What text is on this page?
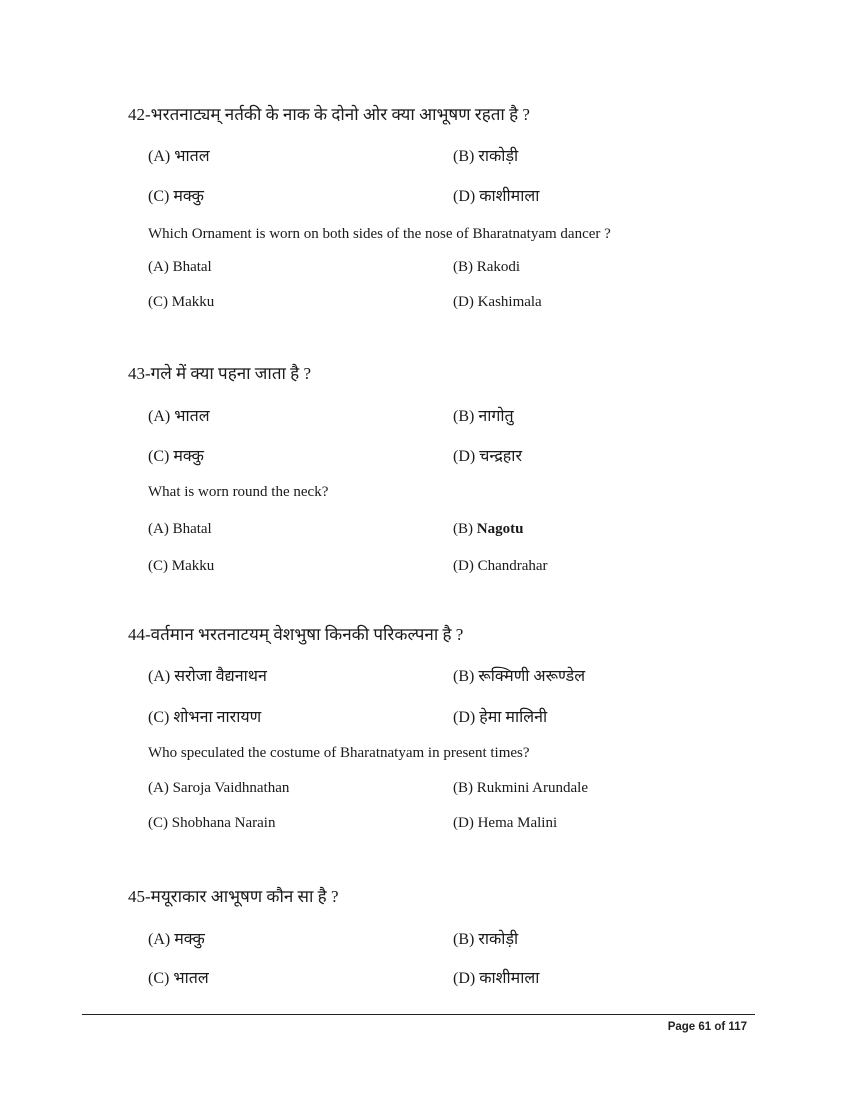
42-भरतनाट्यम् नर्तकी के नाक के दोनो ओर क्या आभूषण रहता है ?
(A) भातल	(B) राकोड़ी
(C) मक्कु	(D) काशीमाला
Which Ornament is worn on both sides of the nose of Bharatnatyam dancer ?
(A) Bhatal	(B) Rakodi
(C) Makku	(D) Kashimala
43-गले में क्या पहना जाता है ?
(A) भातल	(B) नागोतु
(C) मक्कु	(D) चन्द्रहार
What is worn round the neck?
(A) Bhatal	(B) Nagotu
(C) Makku	(D) Chandrahar
44-वर्तमान भरतनाटयम् वेशभुषा किनकी परिकल्पना है ?
(A) सरोजा वैद्यनाथन	(B) रूक्मिणी अरूण्डेल
(C) शोभना नारायण	(D) हेमा मालिनी
Who speculated the costume of Bharatnatyam in present times?
(A) Saroja Vaidhnathan	(B) Rukmini Arundale
(C) Shobhana Narain	(D) Hema Malini
45-मयूराकार आभूषण कौन सा है ?
(A) मक्कु	(B) राकोड़ी
(C) भातल	(D) काशीमाला
Page 61 of 117
